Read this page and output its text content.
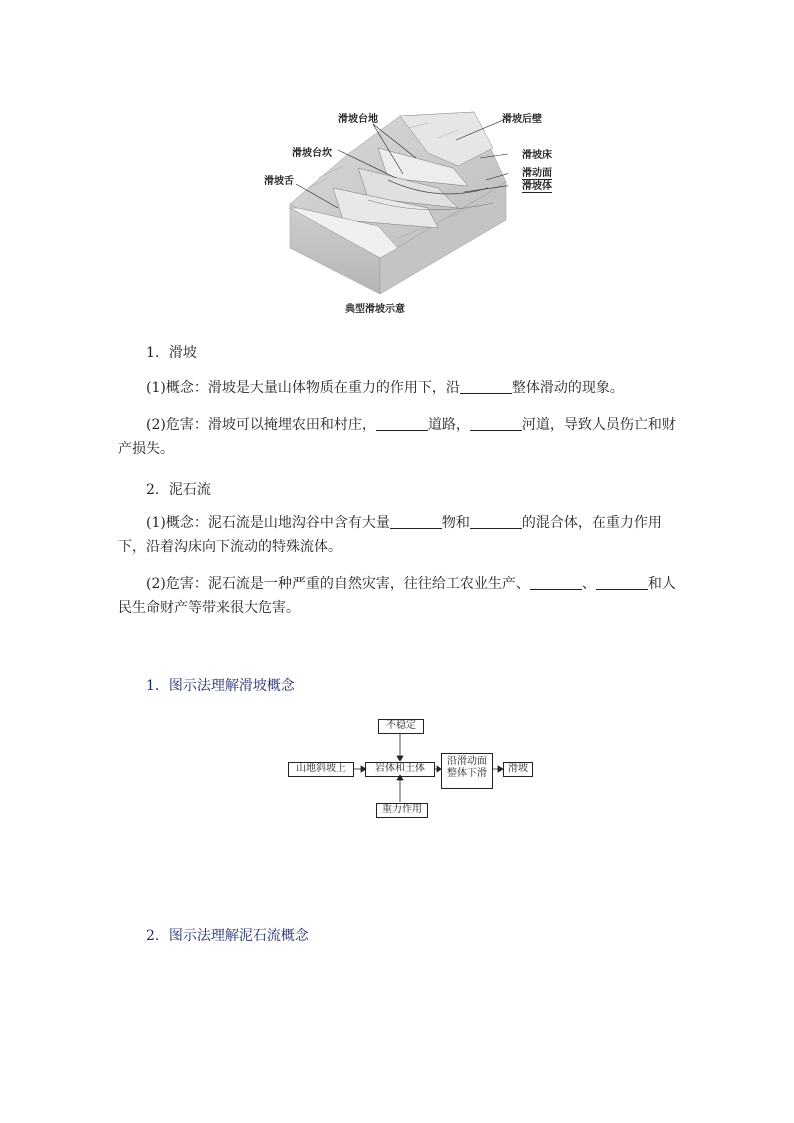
滑坡台地	滑坡后壁
滑坡台坎	滑坡床
滑坡舌
滑动面
滑坡体
典型滑坡示意
1．滑坡
(1)概念：滑坡是大量山体物质在重力的作用下，沿	整体滑动的现象。
(2)危害：滑坡可以掩埋农田和村庄，	道路，	河道，导致人员伤亡和财产损失。
2．泥石流
(1)概念：泥石流是山地沟谷中含有大量	物和	的混合体，在重力作用下，沿着沟床向下流动的特殊流体。
(2)危害：泥石流是一种严重的自然灾害，往往给工农业生产、	、	和人民生命财产等带来很大危害。
1．图示法理解滑坡概念
不稳定
山地斜坡上	岩体和土体
沿滑动面
整体下滑	滑坡
重力作用
2．图示法理解泥石流概念
